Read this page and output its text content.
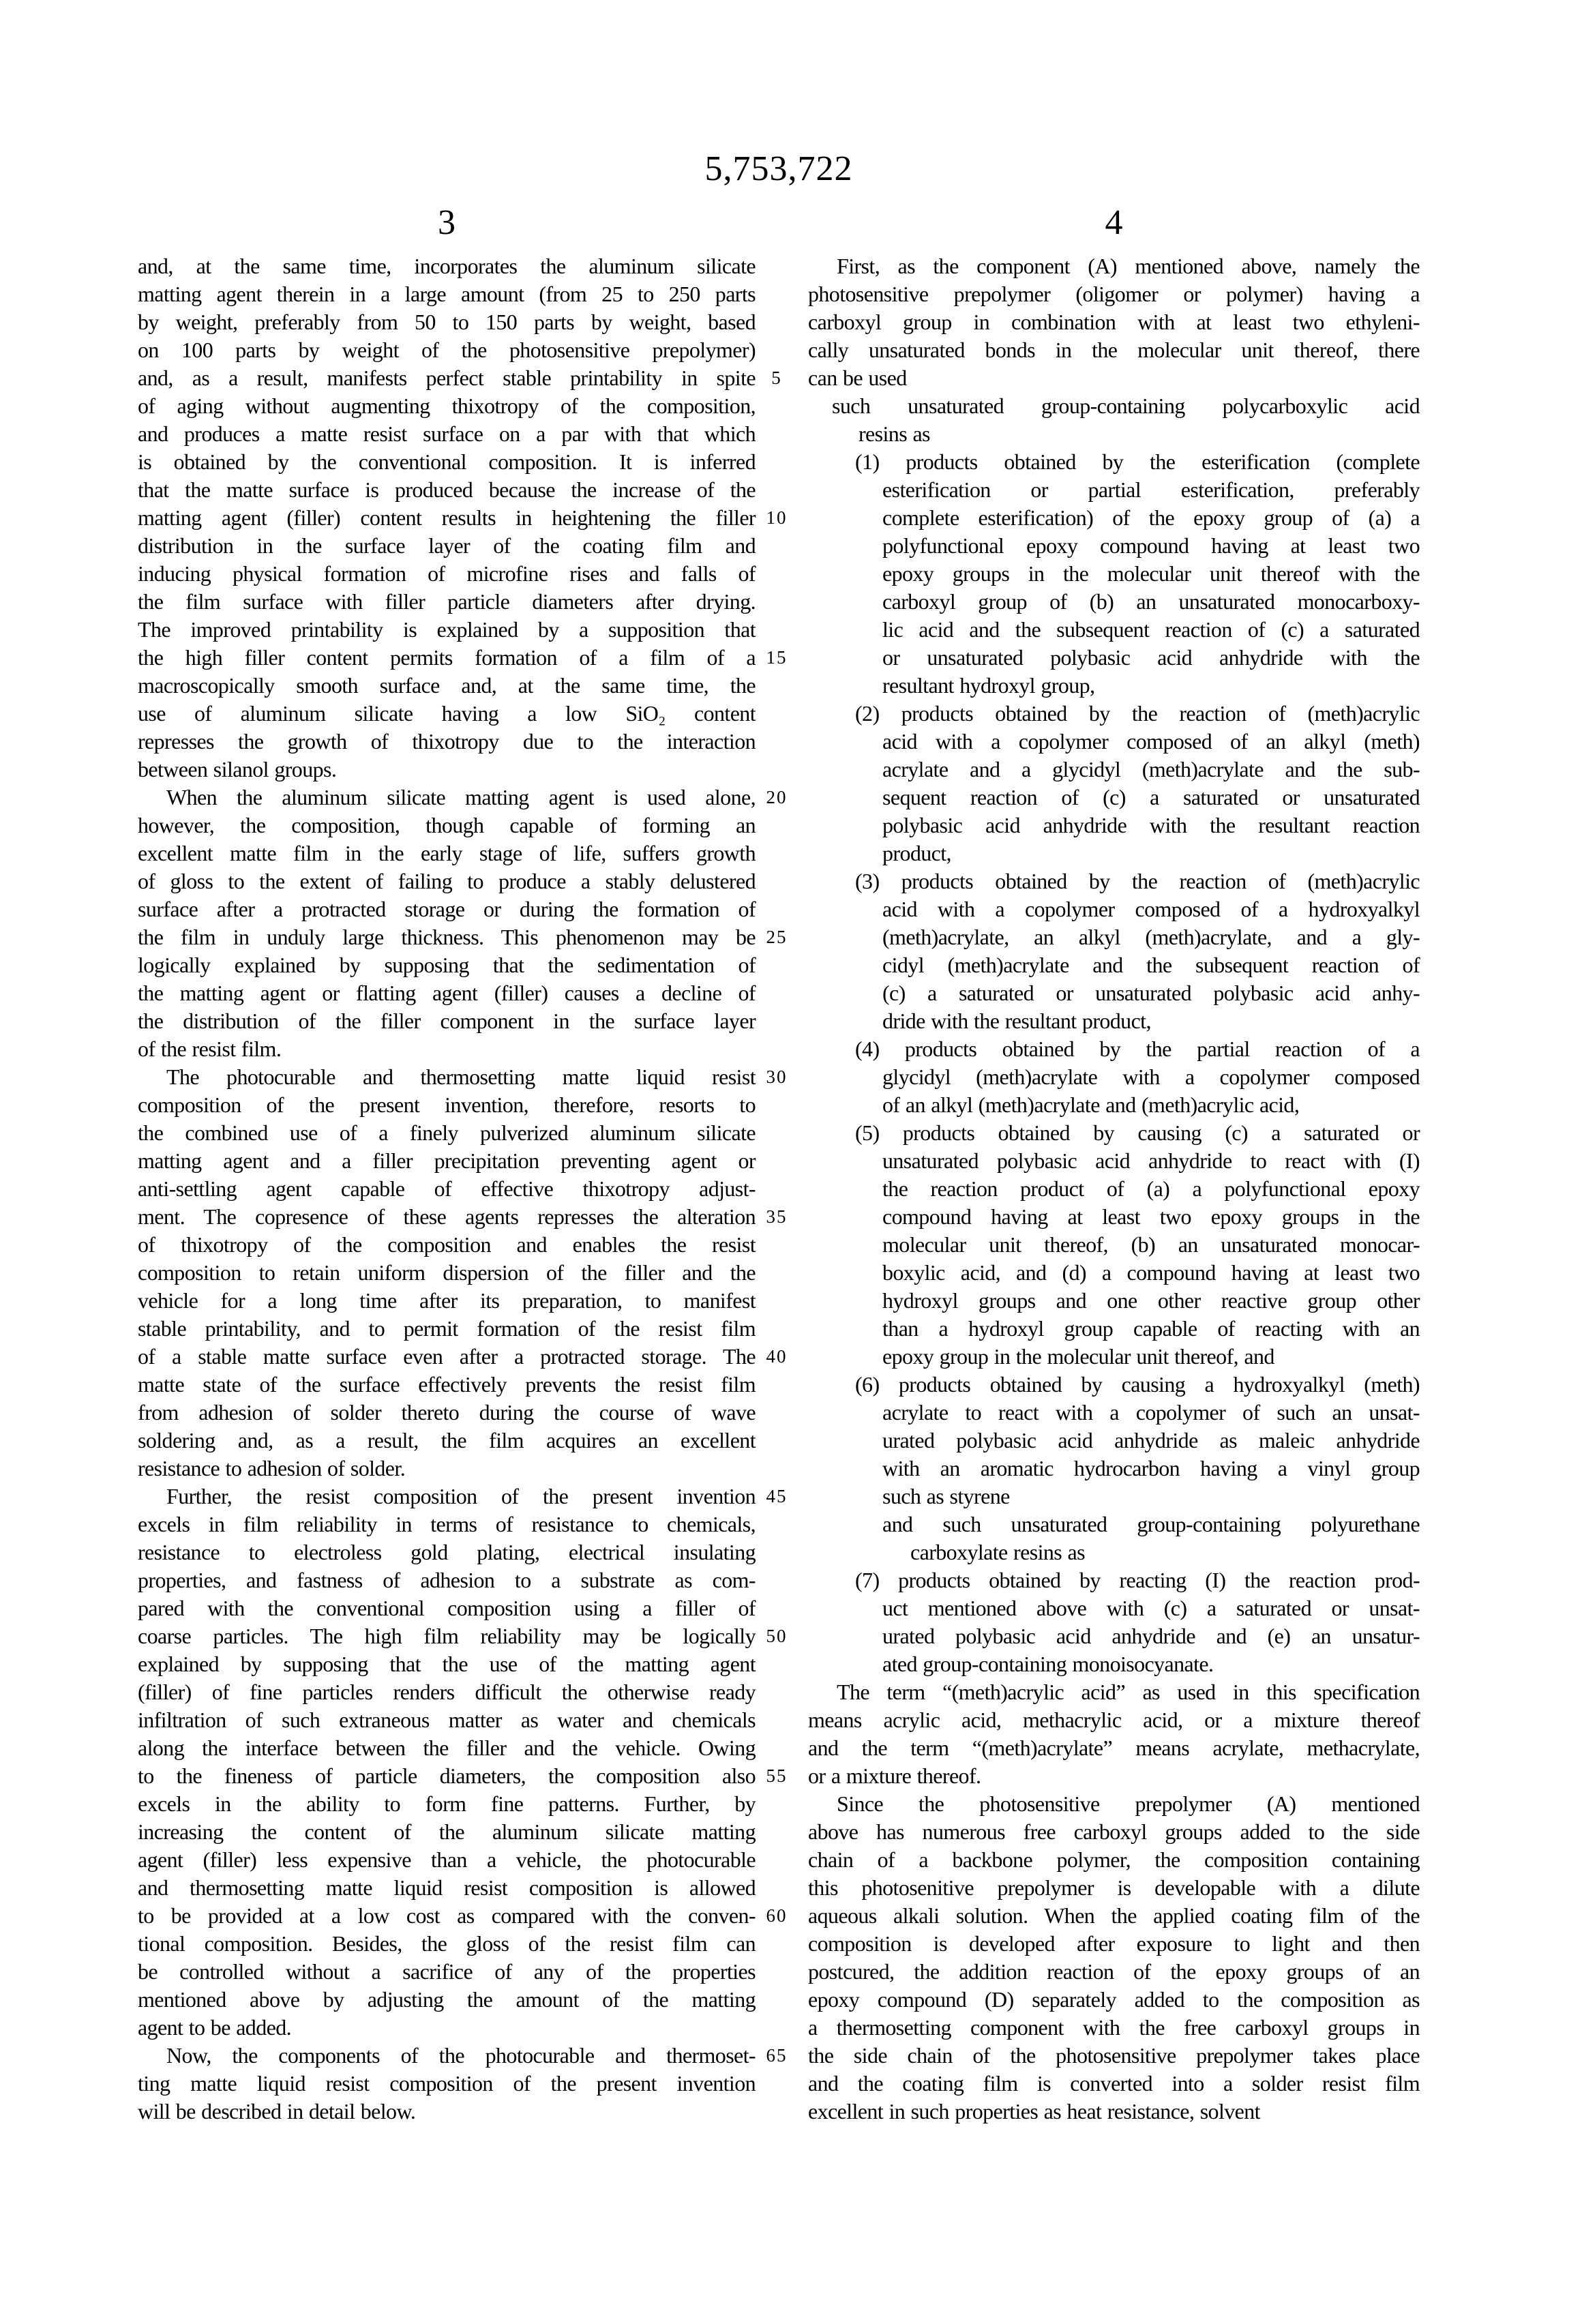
5,753,722
3	4
and, at the same time, incorporates the aluminum silicate
matting agent therein in a large amount (from 25 to 250 parts
by weight, preferably from 50 to 150 parts by weight, based
on 100 parts by weight of the photosensitive prepolymer)
and, as a result, manifests perfect stable printability in spite
of aging without augmenting thixotropy of the composition,
and produces a matte resist surface on a par with that which
is obtained by the conventional composition. It is inferred
that the matte surface is produced because the increase of the
matting agent (filler) content results in heightening the filler
distribution in the surface layer of the coating film and
inducing physical formation of microfine rises and falls of
the film surface with filler particle diameters after drying.
The improved printability is explained by a supposition that
the high filler content permits formation of a film of a
macroscopically smooth surface and, at the same time, the
use of aluminum silicate having a low SiO₂ content
represses the growth of thixotropy due to the interaction
between silanol groups.
When the aluminum silicate matting agent is used alone,
however, the composition, though capable of forming an
excellent matte film in the early stage of life, suffers growth
of gloss to the extent of failing to produce a stably delustered
surface after a protracted storage or during the formation of
the film in unduly large thickness. This phenomenon may be
logically explained by supposing that the sedimentation of
the matting agent or flatting agent (filler) causes a decline of
the distribution of the filler component in the surface layer
of the resist film.
The photocurable and thermosetting matte liquid resist
composition of the present invention, therefore, resorts to
the combined use of a finely pulverized aluminum silicate
matting agent and a filler precipitation preventing agent or
anti-settling agent capable of effective thixotropy adjust-
ment. The copresence of these agents represses the alteration
of thixotropy of the composition and enables the resist
composition to retain uniform dispersion of the filler and the
vehicle for a long time after its preparation, to manifest
stable printability, and to permit formation of the resist film
of a stable matte surface even after a protracted storage. The
matte state of the surface effectively prevents the resist film
from adhesion of solder thereto during the course of wave
soldering and, as a result, the film acquires an excellent
resistance to adhesion of solder.
Further, the resist composition of the present invention
excels in film reliability in terms of resistance to chemicals,
resistance to electroless gold plating, electrical insulating
properties, and fastness of adhesion to a substrate as com-
pared with the conventional composition using a filler of
coarse particles. The high film reliability may be logically
explained by supposing that the use of the matting agent
(filler) of fine particles renders difficult the otherwise ready
infiltration of such extraneous matter as water and chemicals
along the interface between the filler and the vehicle. Owing
to the fineness of particle diameters, the composition also
excels in the ability to form fine patterns. Further, by
increasing the content of the aluminum silicate matting
agent (filler) less expensive than a vehicle, the photocurable
and thermosetting matte liquid resist composition is allowed
to be provided at a low cost as compared with the conven-
tional composition. Besides, the gloss of the resist film can
be controlled without a sacrifice of any of the properties
mentioned above by adjusting the amount of the matting
agent to be added.
Now, the components of the photocurable and thermoset-
ting matte liquid resist composition of the present invention
will be described in detail below.
5
10
15
20
25
30
35
40
45
50
55
60
65
First, as the component (A) mentioned above, namely the
photosensitive prepolymer (oligomer or polymer) having a
carboxyl group in combination with at least two ethyleni-
cally unsaturated bonds in the molecular unit thereof, there
can be used
such unsaturated group-containing polycarboxylic acid
resins as
(1) products obtained by the esterification (complete
esterification or partial esterification, preferably
complete esterification) of the epoxy group of (a) a
polyfunctional epoxy compound having at least two
epoxy groups in the molecular unit thereof with the
carboxyl group of (b) an unsaturated monocarboxy-
lic acid and the subsequent reaction of (c) a saturated
or unsaturated polybasic acid anhydride with the
resultant hydroxyl group,
(2) products obtained by the reaction of (meth)acrylic
acid with a copolymer composed of an alkyl (meth)
acrylate and a glycidyl (meth)acrylate and the sub-
sequent reaction of (c) a saturated or unsaturated
polybasic acid anhydride with the resultant reaction
product,
(3) products obtained by the reaction of (meth)acrylic
acid with a copolymer composed of a hydroxyalkyl
(meth)acrylate, an alkyl (meth)acrylate, and a gly-
cidyl (meth)acrylate and the subsequent reaction of
(c) a saturated or unsaturated polybasic acid anhy-
dride with the resultant product,
(4) products obtained by the partial reaction of a
glycidyl (meth)acrylate with a copolymer composed
of an alkyl (meth)acrylate and (meth)acrylic acid,
(5) products obtained by causing (c) a saturated or
unsaturated polybasic acid anhydride to react with (I)
the reaction product of (a) a polyfunctional epoxy
compound having at least two epoxy groups in the
molecular unit thereof, (b) an unsaturated monocar-
boxylic acid, and (d) a compound having at least two
hydroxyl groups and one other reactive group other
than a hydroxyl group capable of reacting with an
epoxy group in the molecular unit thereof, and
(6) products obtained by causing a hydroxyalkyl (meth)
acrylate to react with a copolymer of such an unsat-
urated polybasic acid anhydride as maleic anhydride
with an aromatic hydrocarbon having a vinyl group
such as styrene
and such unsaturated group-containing polyurethane
carboxylate resins as
(7) products obtained by reacting (I) the reaction prod-
uct mentioned above with (c) a saturated or unsat-
urated polybasic acid anhydride and (e) an unsatur-
ated group-containing monoisocyanate.
The term “(meth)acrylic acid” as used in this specification
means acrylic acid, methacrylic acid, or a mixture thereof
and the term “(meth)acrylate” means acrylate, methacrylate,
or a mixture thereof.
Since the photosensitive prepolymer (A) mentioned
above has numerous free carboxyl groups added to the side
chain of a backbone polymer, the composition containing
this photosenitive prepolymer is developable with a dilute
aqueous alkali solution. When the applied coating film of the
composition is developed after exposure to light and then
postcured, the addition reaction of the epoxy groups of an
epoxy compound (D) separately added to the composition as
a thermosetting component with the free carboxyl groups in
the side chain of the photosensitive prepolymer takes place
and the coating film is converted into a solder resist film
excellent in such properties as heat resistance, solvent
